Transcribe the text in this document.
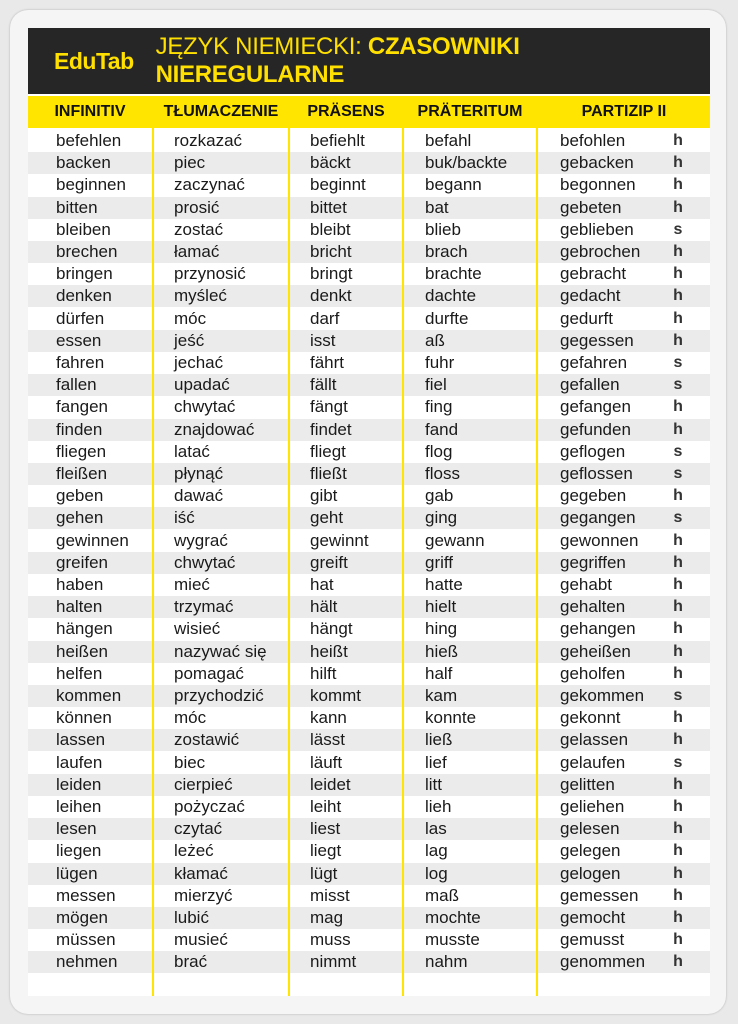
EduTab
JĘZYK NIEMIECKI: CZASOWNIKI NIEREGULARNE
INFINITIV	TŁUMACZENIE	PRÄSENS	PRÄTERITUM	PARTIZIP II
befehlen	rozkazać	befiehlt	befahl	befohlen	h
backen	piec	bäckt	buk/backte	gebacken	h
beginnen	zaczynać	beginnt	begann	begonnen	h
bitten	prosić	bittet	bat	gebeten	h
bleiben	zostać	bleibt	blieb	geblieben	s
brechen	łamać	bricht	brach	gebrochen	h
bringen	przynosić	bringt	brachte	gebracht	h
denken	myśleć	denkt	dachte	gedacht	h
dürfen	móc	darf	durfte	gedurft	h
essen	jeść	isst	aß	gegessen	h
fahren	jechać	fährt	fuhr	gefahren	s
fallen	upadać	fällt	fiel	gefallen	s
fangen	chwytać	fängt	fing	gefangen	h
finden	znajdować	findet	fand	gefunden	h
fliegen	latać	fliegt	flog	geflogen	s
fleißen	płynąć	fließt	floss	geflossen	s
geben	dawać	gibt	gab	gegeben	h
gehen	iść	geht	ging	gegangen	s
gewinnen	wygrać	gewinnt	gewann	gewonnen	h
greifen	chwytać	greift	griff	gegriffen	h
haben	mieć	hat	hatte	gehabt	h
halten	trzymać	hält	hielt	gehalten	h
hängen	wisieć	hängt	hing	gehangen	h
heißen	nazywać się	heißt	hieß	geheißen	h
helfen	pomagać	hilft	half	geholfen	h
kommen	przychodzić	kommt	kam	gekommen	s
können	móc	kann	konnte	gekonnt	h
lassen	zostawić	lässt	ließ	gelassen	h
laufen	biec	läuft	lief	gelaufen	s
leiden	cierpieć	leidet	litt	gelitten	h
leihen	pożyczać	leiht	lieh	geliehen	h
lesen	czytać	liest	las	gelesen	h
liegen	leżeć	liegt	lag	gelegen	h
lügen	kłamać	lügt	log	gelogen	h
messen	mierzyć	misst	maß	gemessen	h
mögen	lubić	mag	mochte	gemocht	h
müssen	musieć	muss	musste	gemusst	h
nehmen	brać	nimmt	nahm	genommen	h
